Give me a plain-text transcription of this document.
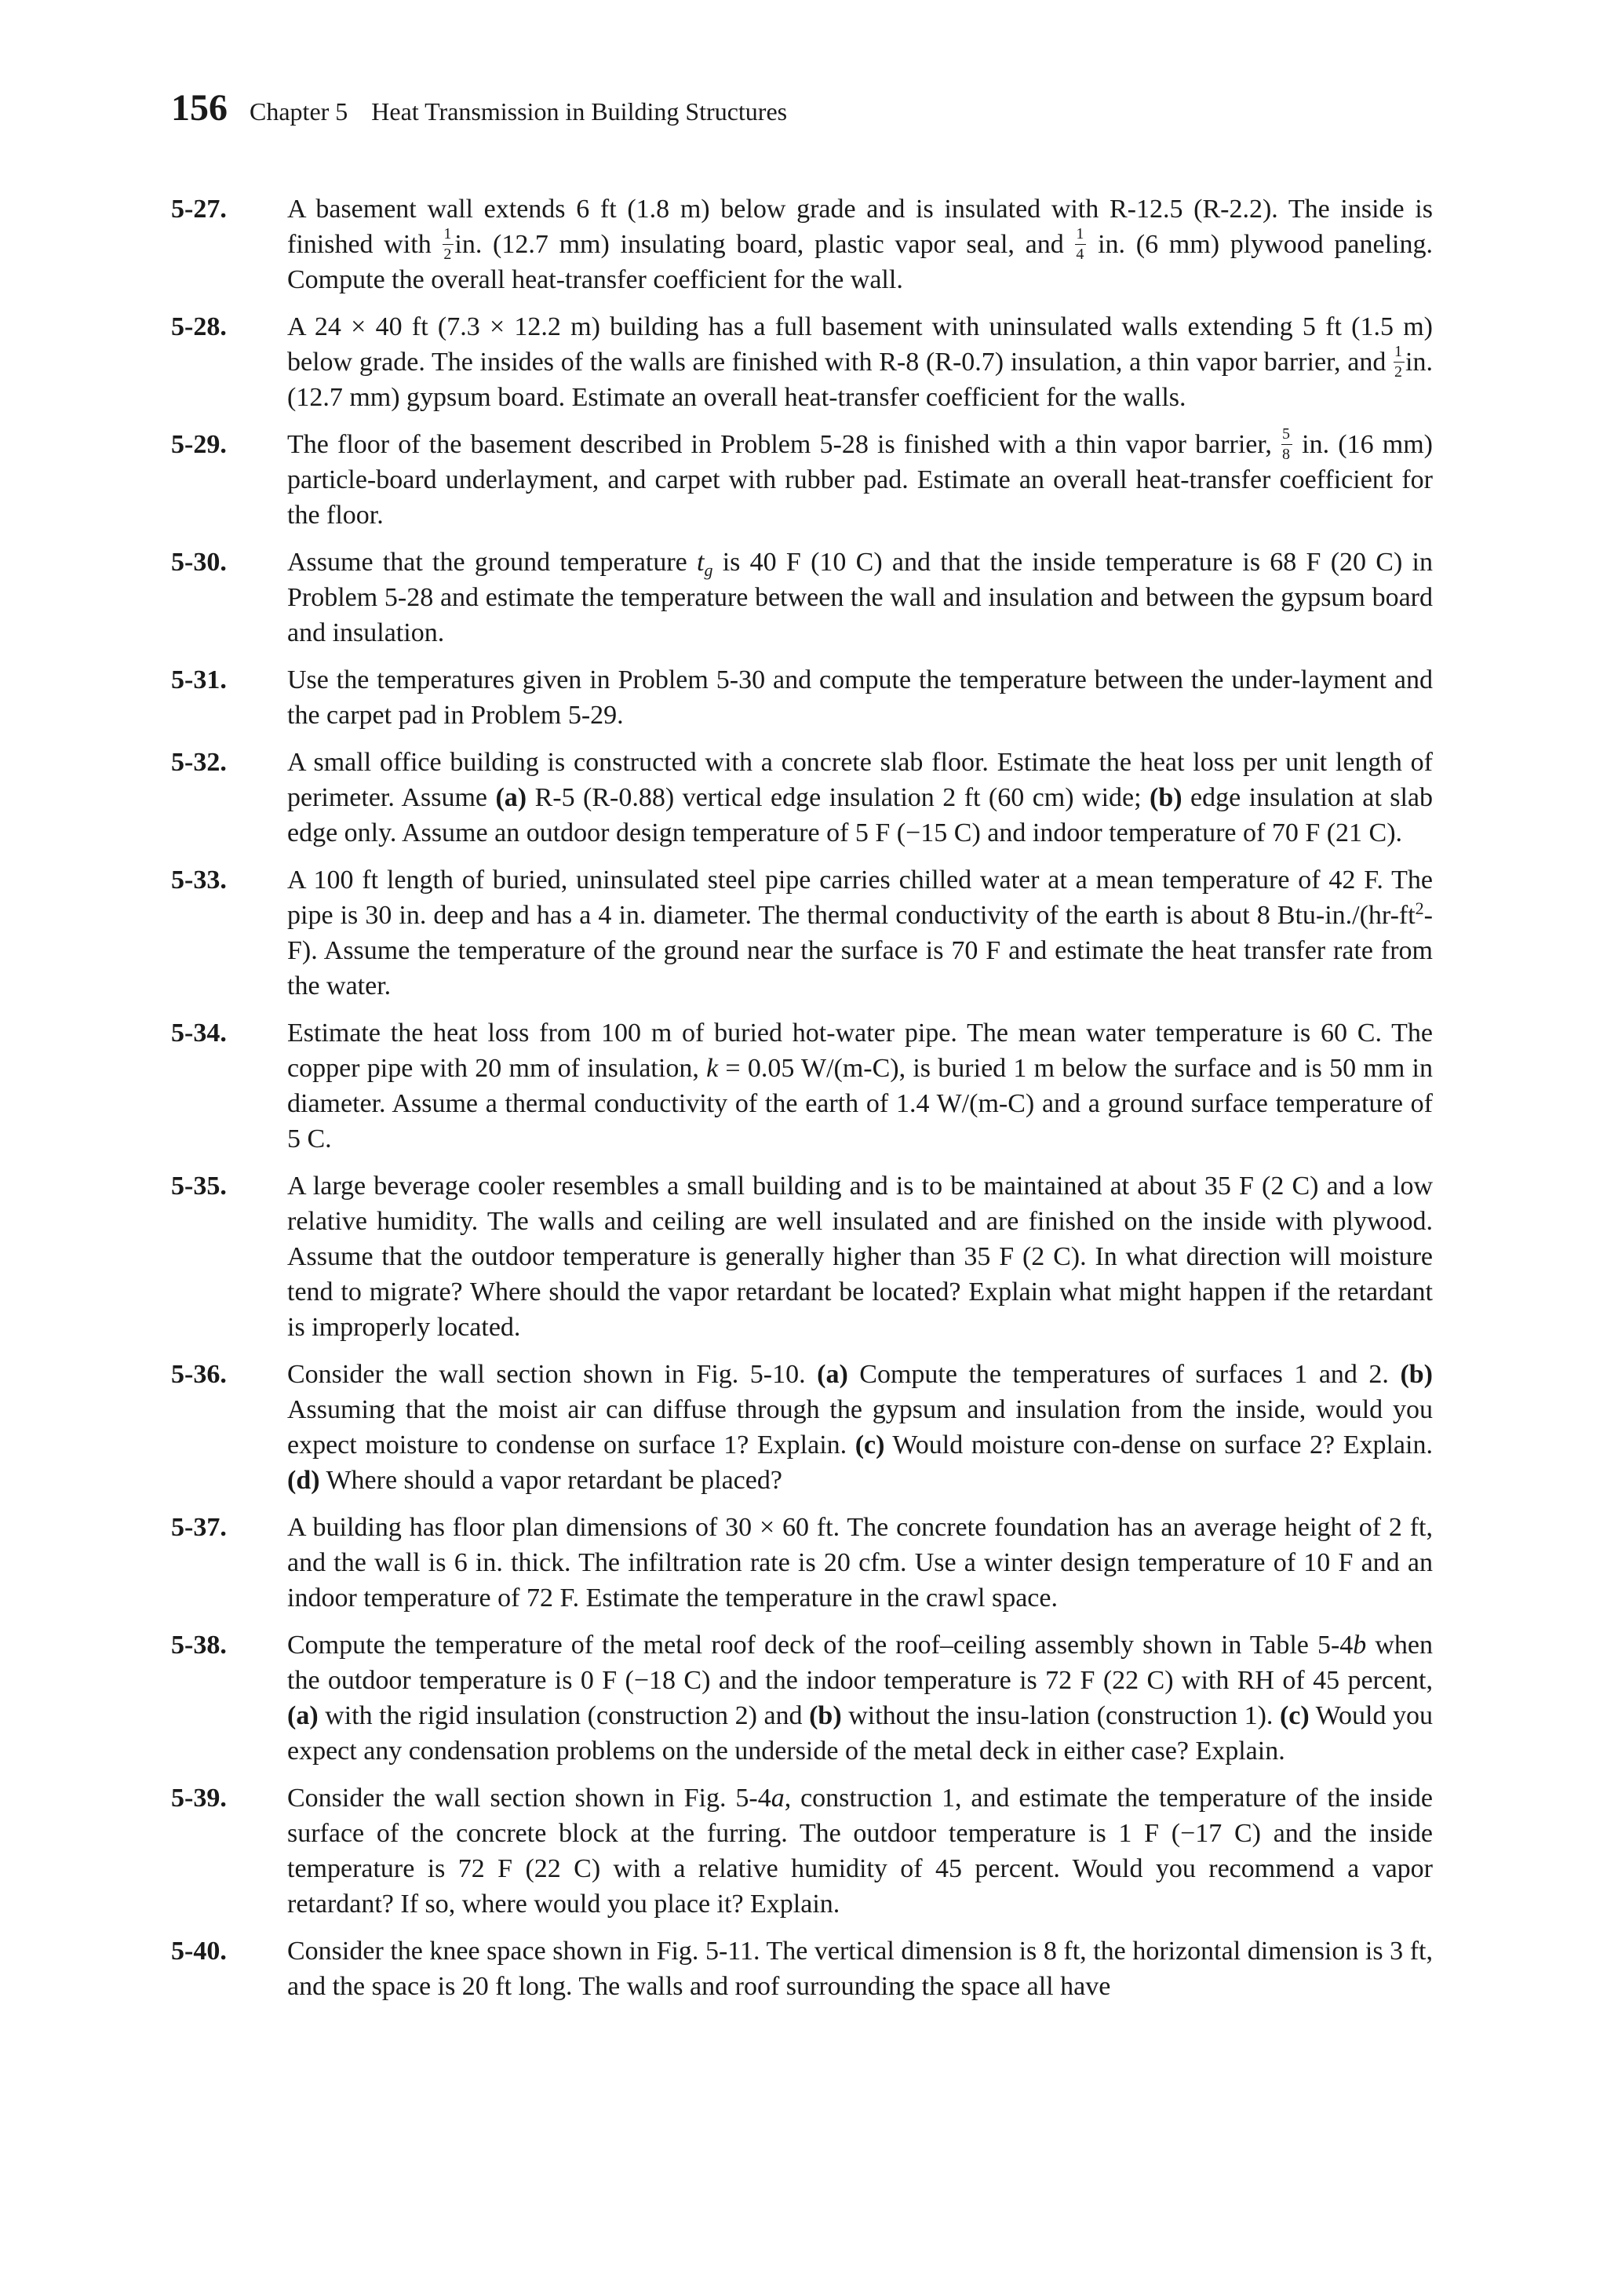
156 Chapter 5 Heat Transmission in Building Structures
5-27.	A basement wall extends 6 ft (1.8 m) below grade and is insulated with R-12.5 (R-2.2). The inside is finished with $\frac{1}{2}$ in. (12.7 mm) insulating board, plastic vapor seal, and $\frac{1}{4}$ in. (6 mm) plywood paneling. Compute the overall heat-transfer coefficient for the wall.
5-28.	A 24 × 40 ft (7.3 × 12.2 m) building has a full basement with uninsulated walls extending 5 ft (1.5 m) below grade. The insides of the walls are finished with R-8 (R-0.7) insulation, a thin vapor barrier, and $\frac{1}{2}$ in. (12.7 mm) gypsum board. Estimate an overall heat-transfer coefficient for the walls.
5-29.	The floor of the basement described in Problem 5-28 is finished with a thin vapor barrier, $\frac{5}{8}$ in. (16 mm) particle-board underlayment, and carpet with rubber pad. Estimate an overall heat-transfer coefficient for the floor.
5-30.	Assume that the ground temperature $t_g$ is 40 F (10 C) and that the inside temperature is 68 F (20 C) in Problem 5-28 and estimate the temperature between the wall and insulation and between the gypsum board and insulation.
5-31.	Use the temperatures given in Problem 5-30 and compute the temperature between the under-layment and the carpet pad in Problem 5-29.
5-32.	A small office building is constructed with a concrete slab floor. Estimate the heat loss per unit length of perimeter. Assume (a) R-5 (R-0.88) vertical edge insulation 2 ft (60 cm) wide; (b) edge insulation at slab edge only. Assume an outdoor design temperature of 5 F (−15 C) and indoor temperature of 70 F (21 C).
5-33.	A 100 ft length of buried, uninsulated steel pipe carries chilled water at a mean temperature of 42 F. The pipe is 30 in. deep and has a 4 in. diameter. The thermal conductivity of the earth is about 8 Btu-$in./(hr-ft^2-F)$. Assume the temperature of the ground near the surface is 70 F and estimate the heat transfer rate from the water.
5-34.	Estimate the heat loss from 100 m of buried hot-water pipe. The mean water temperature is 60 C. The copper pipe with 20 mm of insulation, k = 0.05 W/(m-C), is buried 1 m below the surface and is 50 mm in diameter. Assume a thermal conductivity of the earth of 1.4 W/(m-C) and a ground surface temperature of 5 C.
5-35.	A large beverage cooler resembles a small building and is to be maintained at about 35 F (2 C) and a low relative humidity. The walls and ceiling are well insulated and are finished on the inside with plywood. Assume that the outdoor temperature is generally higher than 35 F (2 C). In what direction will moisture tend to migrate? Where should the vapor retardant be located? Explain what might happen if the retardant is improperly located.
5-36.	Consider the wall section shown in Fig. 5-10. (a) Compute the temperatures of surfaces 1 and 2. (b) Assuming that the moist air can diffuse through the gypsum and insulation from the inside, would you expect moisture to condense on surface 1? Explain. (c) Would moisture con-dense on surface 2? Explain. (d) Where should a vapor retardant be placed?
5-37.	A building has floor plan dimensions of 30 × 60 ft. The concrete foundation has an average height of 2 ft, and the wall is 6 in. thick. The infiltration rate is 20 cfm. Use a winter design temperature of 10 F and an indoor temperature of 72 F. Estimate the temperature in the crawl space.
5-38.	Compute the temperature of the metal roof deck of the roof–ceiling assembly shown in Table 5-4b when the outdoor temperature is 0 F (−18 C) and the indoor temperature is 72 F (22 C) with RH of 45 percent, (a) with the rigid insulation (construction 2) and (b) without the insu-lation (construction 1). (c) Would you expect any condensation problems on the underside of the metal deck in either case? Explain.
5-39.	Consider the wall section shown in Fig. 5-4a, construction 1, and estimate the temperature of the inside surface of the concrete block at the furring. The outdoor temperature is 1 F (−17 C) and the inside temperature is 72 F (22 C) with a relative humidity of 45 percent. Would you recommend a vapor retardant? If so, where would you place it? Explain.
5-40.	Consider the knee space shown in Fig. 5-11. The vertical dimension is 8 ft, the horizontal dimension is 3 ft, and the space is 20 ft long. The walls and roof surrounding the space all have
